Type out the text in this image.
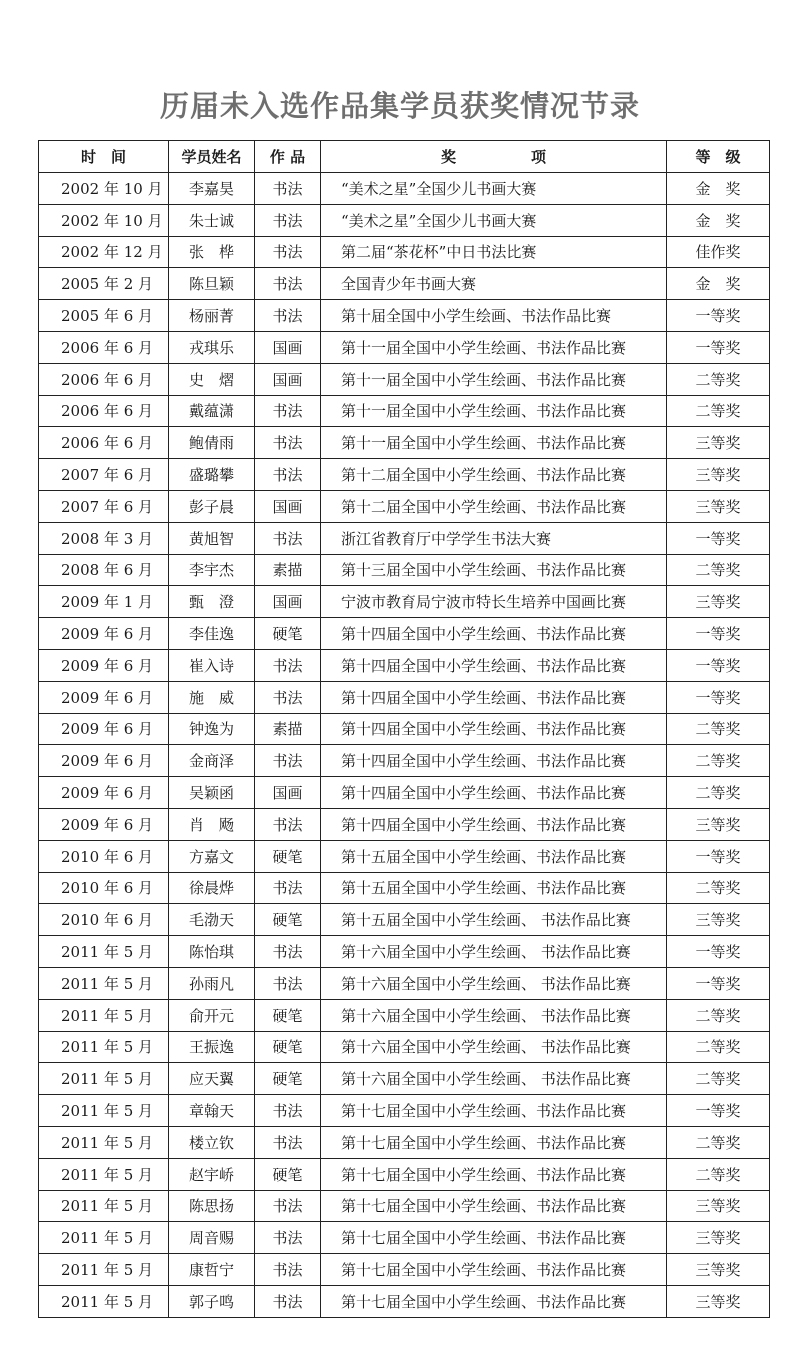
历届未入选作品集学员获奖情况节录
时　间	学员姓名	作 品	奖　　　　　项	等　级
2002 年 10 月	李嘉昊	书法	“美术之星”全国少儿书画大赛	金　奖
2002 年 10 月	朱士诚	书法	“美术之星”全国少儿书画大赛	金　奖
2002 年 12 月	张　桦	书法	第二届“茶花杯”中日书法比赛	佳作奖
2005 年 2 月	陈旦颖	书法	全国青少年书画大赛	金　奖
2005 年 6 月	杨丽菁	书法	第十届全国中小学生绘画、书法作品比赛	一等奖
2006 年 6 月	戎琪乐	国画	第十一届全国中小学生绘画、书法作品比赛	一等奖
2006 年 6 月	史　熠	国画	第十一届全国中小学生绘画、书法作品比赛	二等奖
2006 年 6 月	戴蕴潇	书法	第十一届全国中小学生绘画、书法作品比赛	二等奖
2006 年 6 月	鲍倩雨	书法	第十一届全国中小学生绘画、书法作品比赛	三等奖
2007 年 6 月	盛璐攀	书法	第十二届全国中小学生绘画、书法作品比赛	三等奖
2007 年 6 月	彭子晨	国画	第十二届全国中小学生绘画、书法作品比赛	三等奖
2008 年 3 月	黄旭智	书法	浙江省教育厅中学学生书法大赛	一等奖
2008 年 6 月	李宇杰	素描	第十三届全国中小学生绘画、书法作品比赛	二等奖
2009 年 1 月	甄　澄	国画	宁波市教育局宁波市特长生培养中国画比赛	三等奖
2009 年 6 月	李佳逸	硬笔	第十四届全国中小学生绘画、书法作品比赛	一等奖
2009 年 6 月	崔入诗	书法	第十四届全国中小学生绘画、书法作品比赛	一等奖
2009 年 6 月	施　威	书法	第十四届全国中小学生绘画、书法作品比赛	一等奖
2009 年 6 月	钟逸为	素描	第十四届全国中小学生绘画、书法作品比赛	二等奖
2009 年 6 月	金商泽	书法	第十四届全国中小学生绘画、书法作品比赛	二等奖
2009 年 6 月	吴颖函	国画	第十四届全国中小学生绘画、书法作品比赛	二等奖
2009 年 6 月	肖　飏	书法	第十四届全国中小学生绘画、书法作品比赛	三等奖
2010 年 6 月	方嘉文	硬笔	第十五届全国中小学生绘画、书法作品比赛	一等奖
2010 年 6 月	徐晨烨	书法	第十五届全国中小学生绘画、书法作品比赛	二等奖
2010 年 6 月	毛渤天	硬笔	第十五届全国中小学生绘画、 书法作品比赛	三等奖
2011 年 5 月	陈怡琪	书法	第十六届全国中小学生绘画、 书法作品比赛	一等奖
2011 年 5 月	孙雨凡	书法	第十六届全国中小学生绘画、 书法作品比赛	一等奖
2011 年 5 月	俞开元	硬笔	第十六届全国中小学生绘画、 书法作品比赛	二等奖
2011 年 5 月	王振逸	硬笔	第十六届全国中小学生绘画、 书法作品比赛	二等奖
2011 年 5 月	应天翼	硬笔	第十六届全国中小学生绘画、 书法作品比赛	二等奖
2011 年 5 月	章翰天	书法	第十七届全国中小学生绘画、书法作品比赛	一等奖
2011 年 5 月	楼立钦	书法	第十七届全国中小学生绘画、书法作品比赛	二等奖
2011 年 5 月	赵宇峤	硬笔	第十七届全国中小学生绘画、书法作品比赛	二等奖
2011 年 5 月	陈思扬	书法	第十七届全国中小学生绘画、书法作品比赛	三等奖
2011 年 5 月	周音赐	书法	第十七届全国中小学生绘画、书法作品比赛	三等奖
2011 年 5 月	康哲宁	书法	第十七届全国中小学生绘画、书法作品比赛	三等奖
2011 年 5 月	郭子鸣	书法	第十七届全国中小学生绘画、书法作品比赛	三等奖
